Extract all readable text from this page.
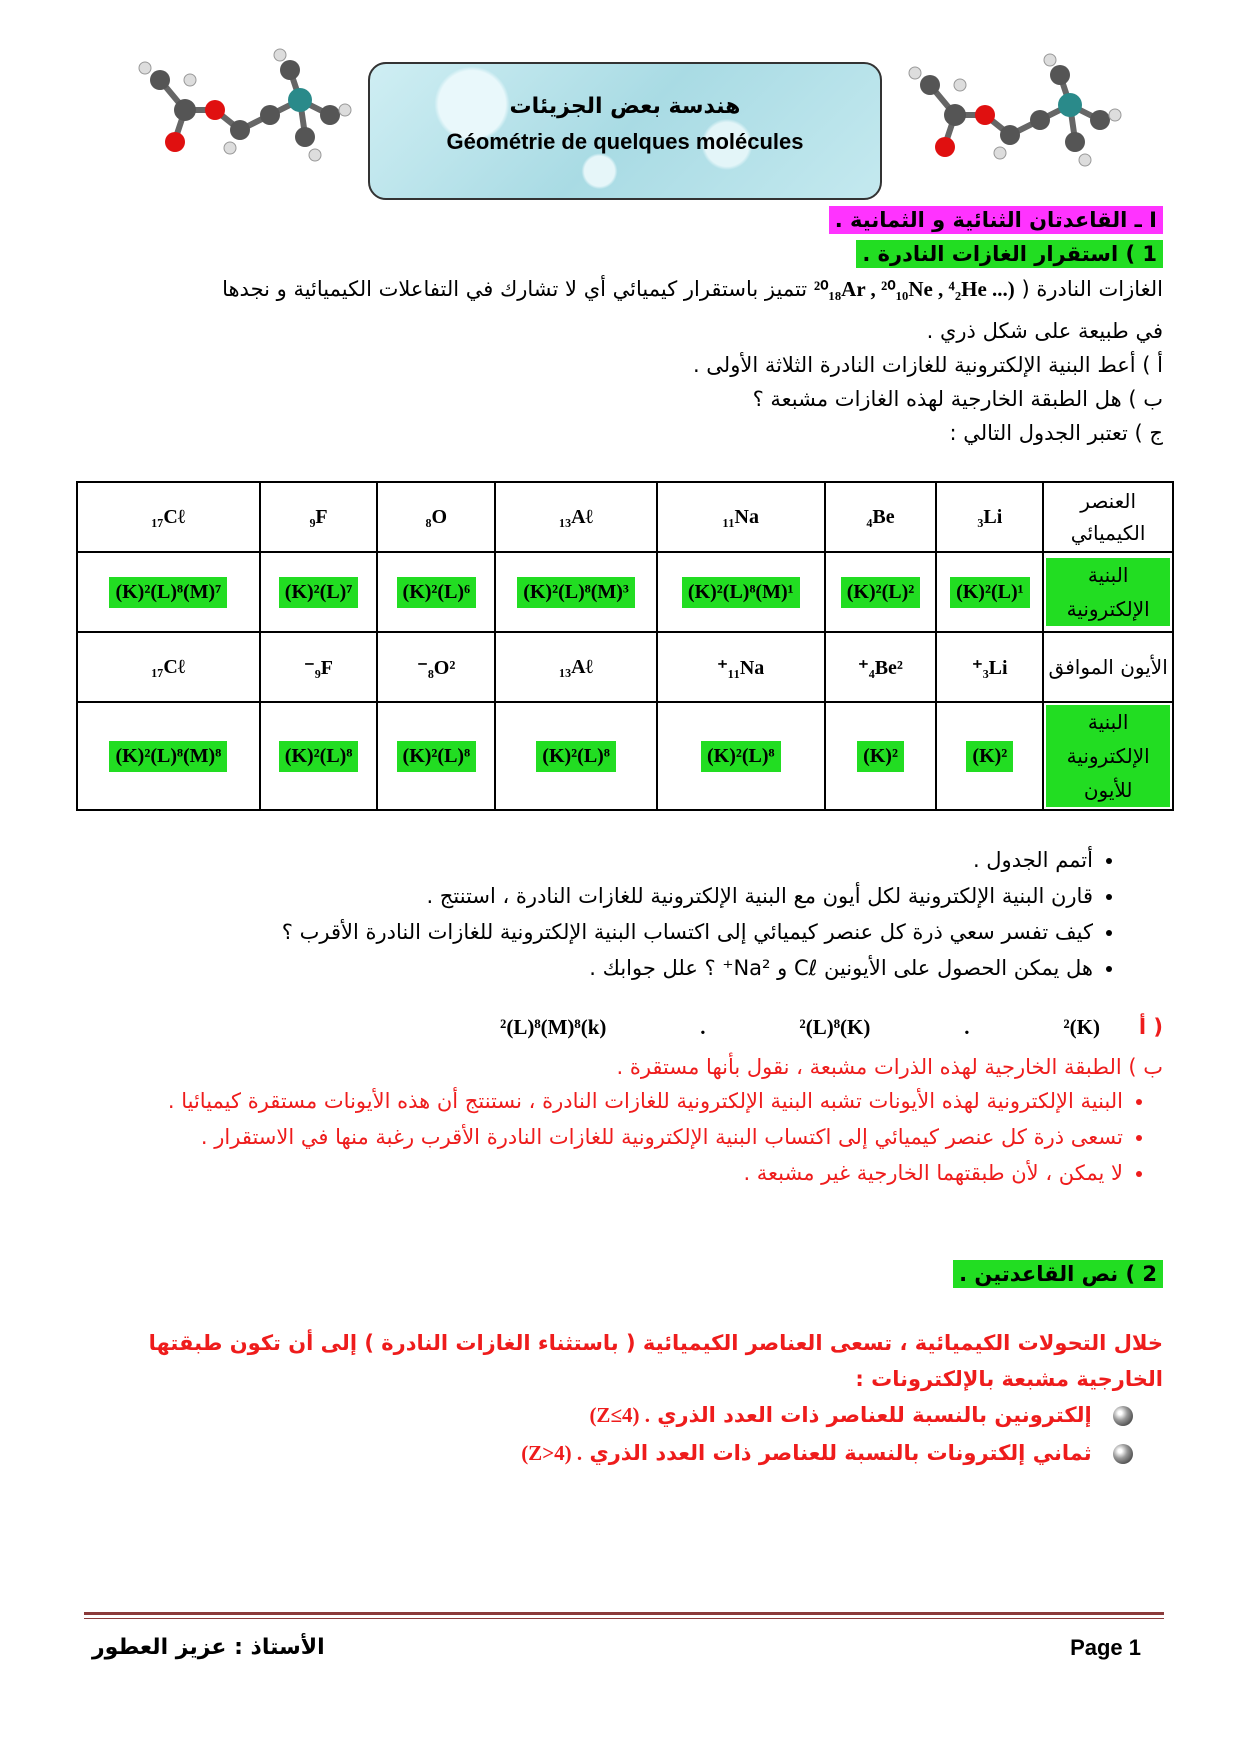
هندسة بعض الجزيئات
Géométrie de quelques molécules
I ـ القاعدتان الثنائية و الثمانية .
1 ) استقرار الغازات النادرة .
الغازات النادرة ( ²⁰₁₈Ar , ²⁰₁₀Ne , ⁴₂He ...) تتميز باستقرار كيميائي أي لا تشارك في التفاعلات الكيميائية و نجدها
في طبيعة على شكل ذري .
أ ) أعط البنية الإلكترونية للغازات النادرة الثلاثة الأولى .
ب ) هل الطبقة الخارجية لهذه الغازات مشبعة ؟
ج ) تعتبر الجدول التالي :
العنصر الكيميائي	₃Li	₄Be	₁₁Na	₁₃Aℓ	₈O	₉F	₁₇Cℓ
البنية الإلكترونية	(K)²(L)¹	(K)²(L)²	(K)²(L)⁸(M)¹	(K)²(L)⁸(M)³	(K)²(L)⁶	(K)²(L)⁷	(K)²(L)⁸(M)⁷
الأيون الموافق	₃Li⁺	₄Be²⁺	₁₁Na⁺	₁₃Aℓ	₈O²⁻	₉F⁻	₁₇Cℓ
البنية الإلكترونية للأيون	(K)²	(K)²	(K)²(L)⁸	(K)²(L)⁸	(K)²(L)⁸	(K)²(L)⁸	(K)²(L)⁸(M)⁸
• أتمم الجدول .
• قارن البنية الإلكترونية لكل أيون مع البنية الإلكترونية للغازات النادرة ، استنتج .
• كيف تفسر سعي ذرة كل عنصر كيميائي إلى اكتساب البنية الإلكترونية للغازات النادرة الأقرب ؟
• هل يمكن الحصول على الأيونين Cℓ و Na²⁺ ؟ علل جوابك .
أ )
(K)²
.
(K)²(L)⁸
.
(k)²(L)⁸(M)⁸
ب ) الطبقة الخارجية لهذه الذرات مشبعة ، نقول بأنها مستقرة .
• البنية الإلكترونية لهذه الأيونات تشبه البنية الإلكترونية للغازات النادرة ، نستنتج أن هذه الأيونات مستقرة كيميائيا .
• تسعى ذرة كل عنصر كيميائي إلى اكتساب البنية الإلكترونية للغازات النادرة الأقرب رغبة منها في الاستقرار .
• لا يمكن ، لأن طبقتهما الخارجية غير مشبعة .
2 ) نص القاعدتين .
خلال التحولات الكيميائية ، تسعى العناصر الكيميائية ( باستثناء الغازات النادرة ) إلى أن تكون طبقتها الخارجية مشبعة بالإلكترونات :
إلكترونين بالنسبة للعناصر ذات العدد الذري (Z≤4) .
ثماني إلكترونات بالنسبة للعناصر ذات العدد الذري (Z>4) .
الأستاذ : عزيز العطور	Page 1
